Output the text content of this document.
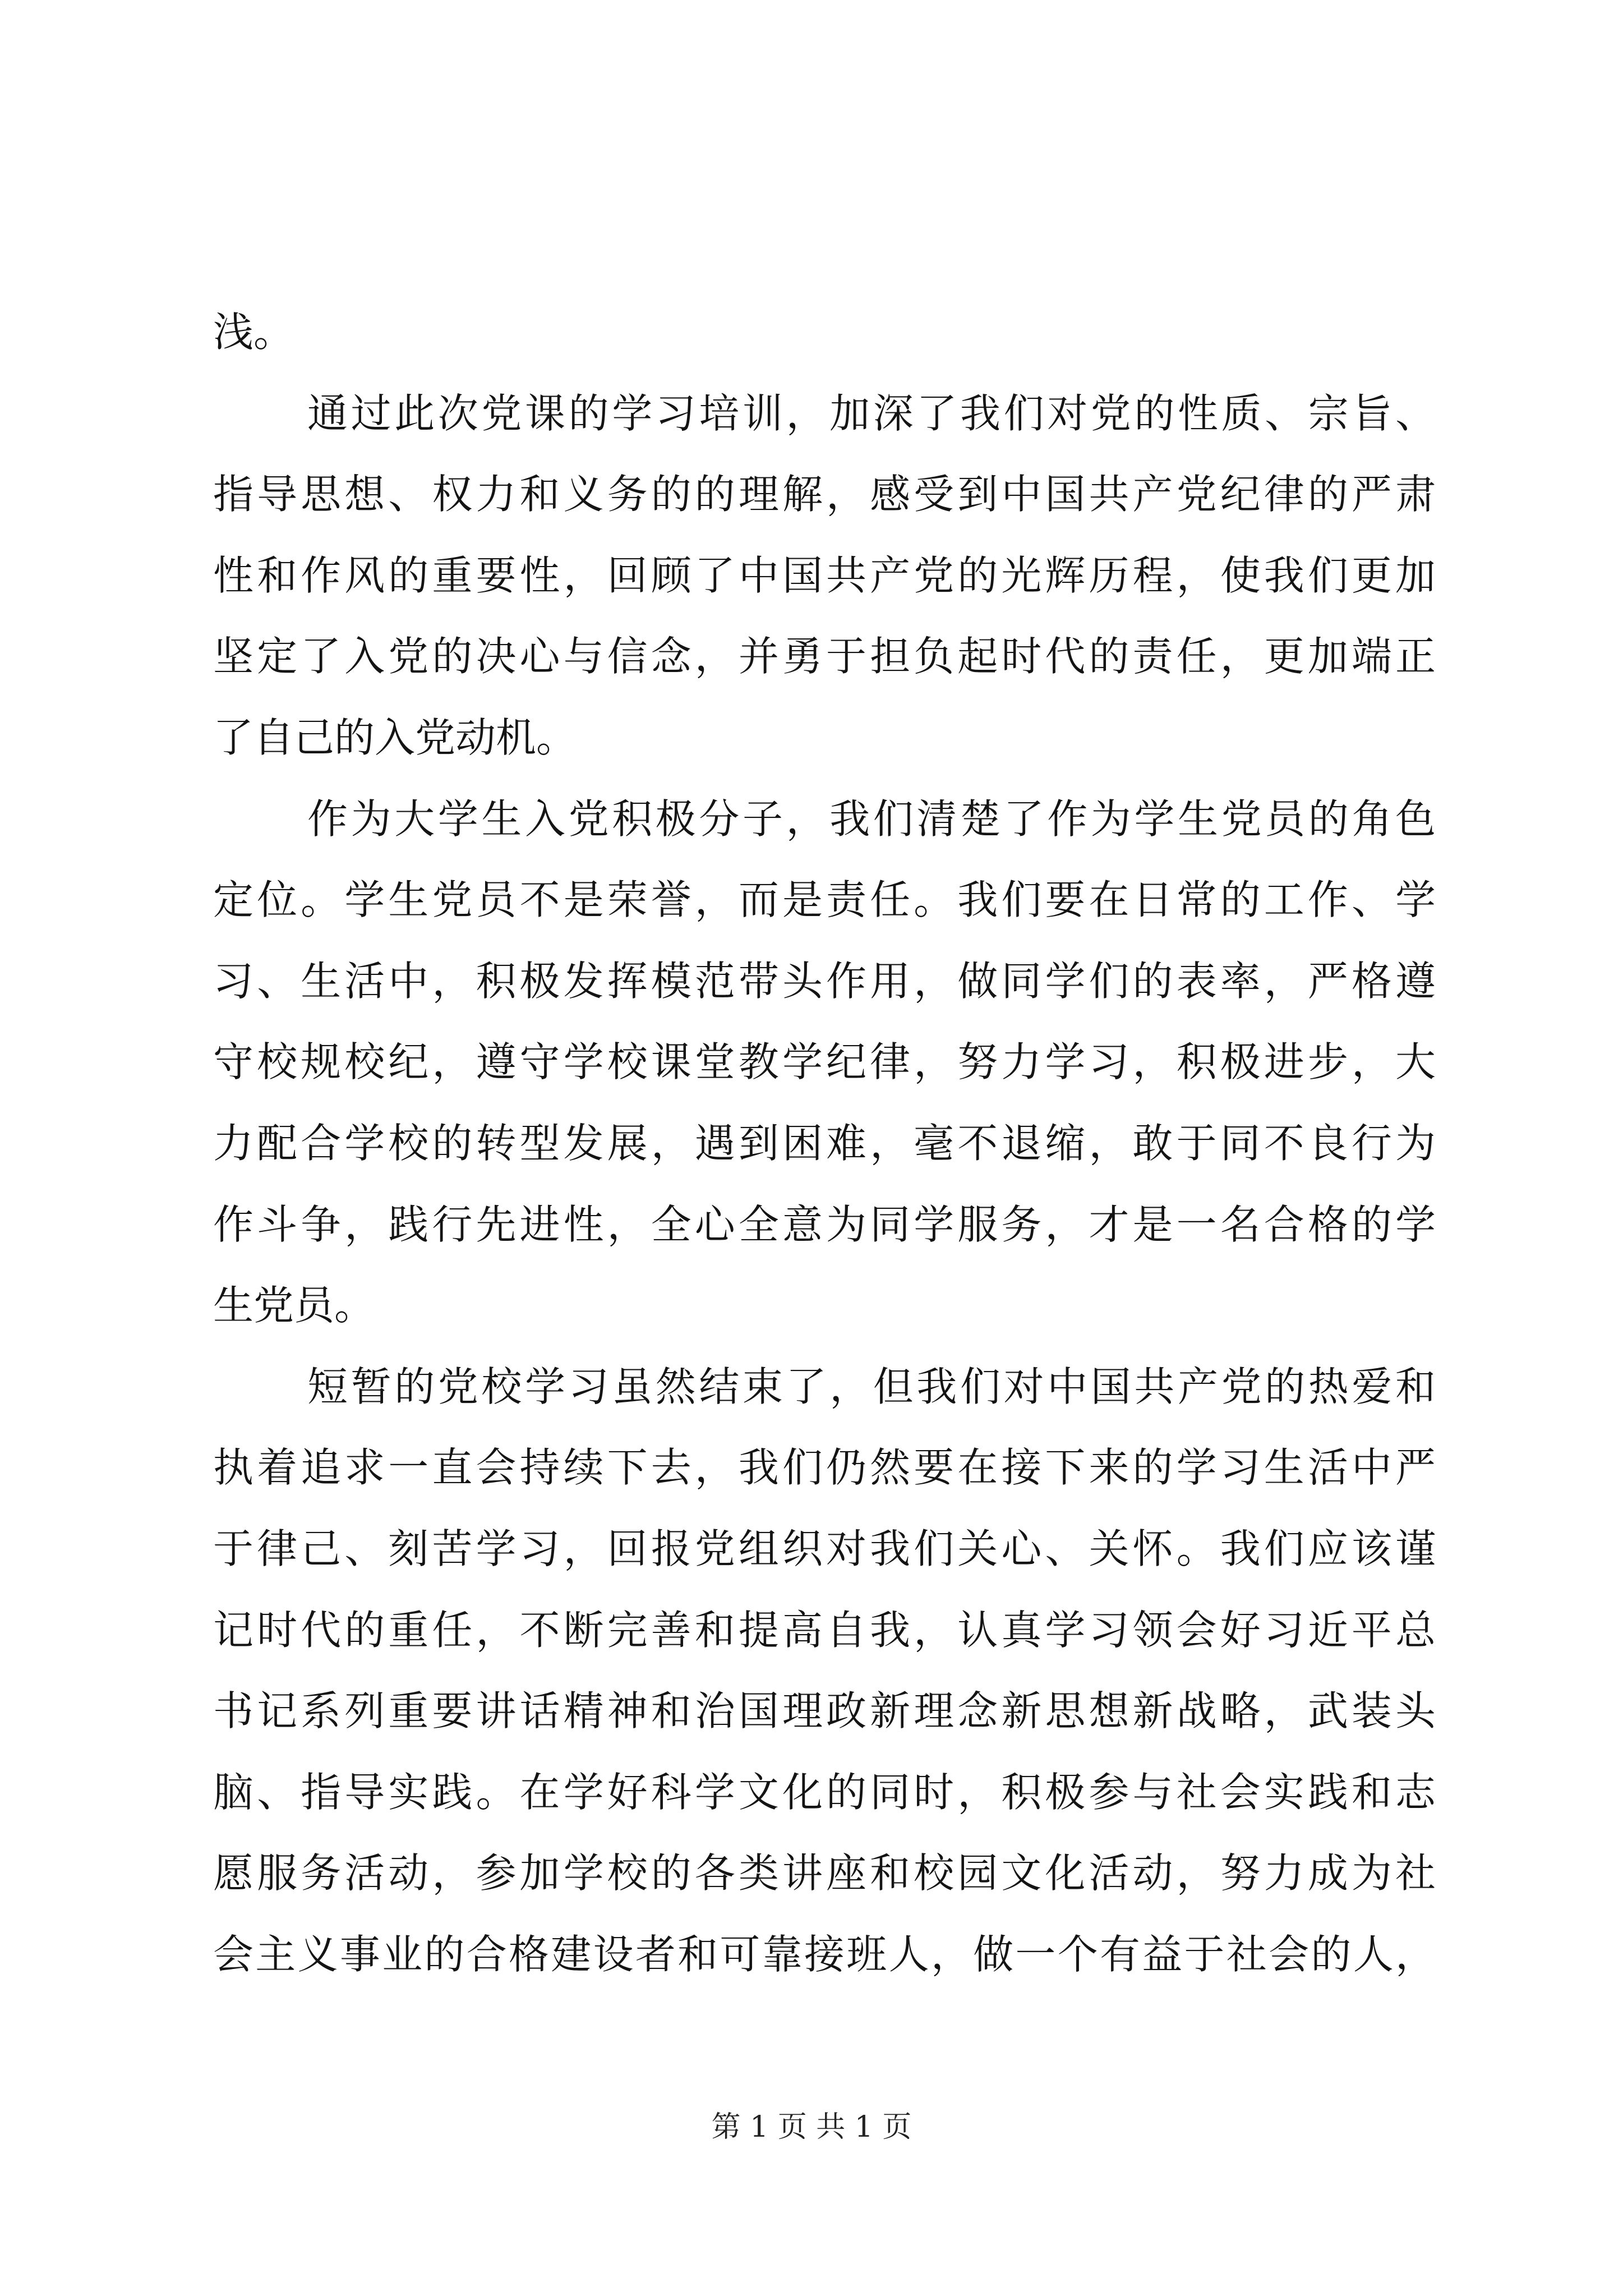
浅。
通过此次党课的学习培训，加深了我们对党的性质、宗旨、
指导思想、权力和义务的的理解，感受到中国共产党纪律的严肃
性和作风的重要性，回顾了中国共产党的光辉历程，使我们更加
坚定了入党的决心与信念，并勇于担负起时代的责任，更加端正
了自己的入党动机。
作为大学生入党积极分子，我们清楚了作为学生党员的角色
定位。学生党员不是荣誉，而是责任。我们要在日常的工作、学
习、生活中，积极发挥模范带头作用，做同学们的表率，严格遵
守校规校纪，遵守学校课堂教学纪律，努力学习，积极进步，大
力配合学校的转型发展，遇到困难，毫不退缩，敢于同不良行为
作斗争，践行先进性，全心全意为同学服务，才是一名合格的学
生党员。
短暂的党校学习虽然结束了，但我们对中国共产党的热爱和
执着追求一直会持续下去，我们仍然要在接下来的学习生活中严
于律己、刻苦学习，回报党组织对我们关心、关怀。我们应该谨
记时代的重任，不断完善和提高自我，认真学习领会好习近平总
书记系列重要讲话精神和治国理政新理念新思想新战略，武装头
脑、指导实践。在学好科学文化的同时，积极参与社会实践和志
愿服务活动，参加学校的各类讲座和校园文化活动，努力成为社
会主义事业的合格建设者和可靠接班人，做一个有益于社会的人，
第 1 页 共 1 页
